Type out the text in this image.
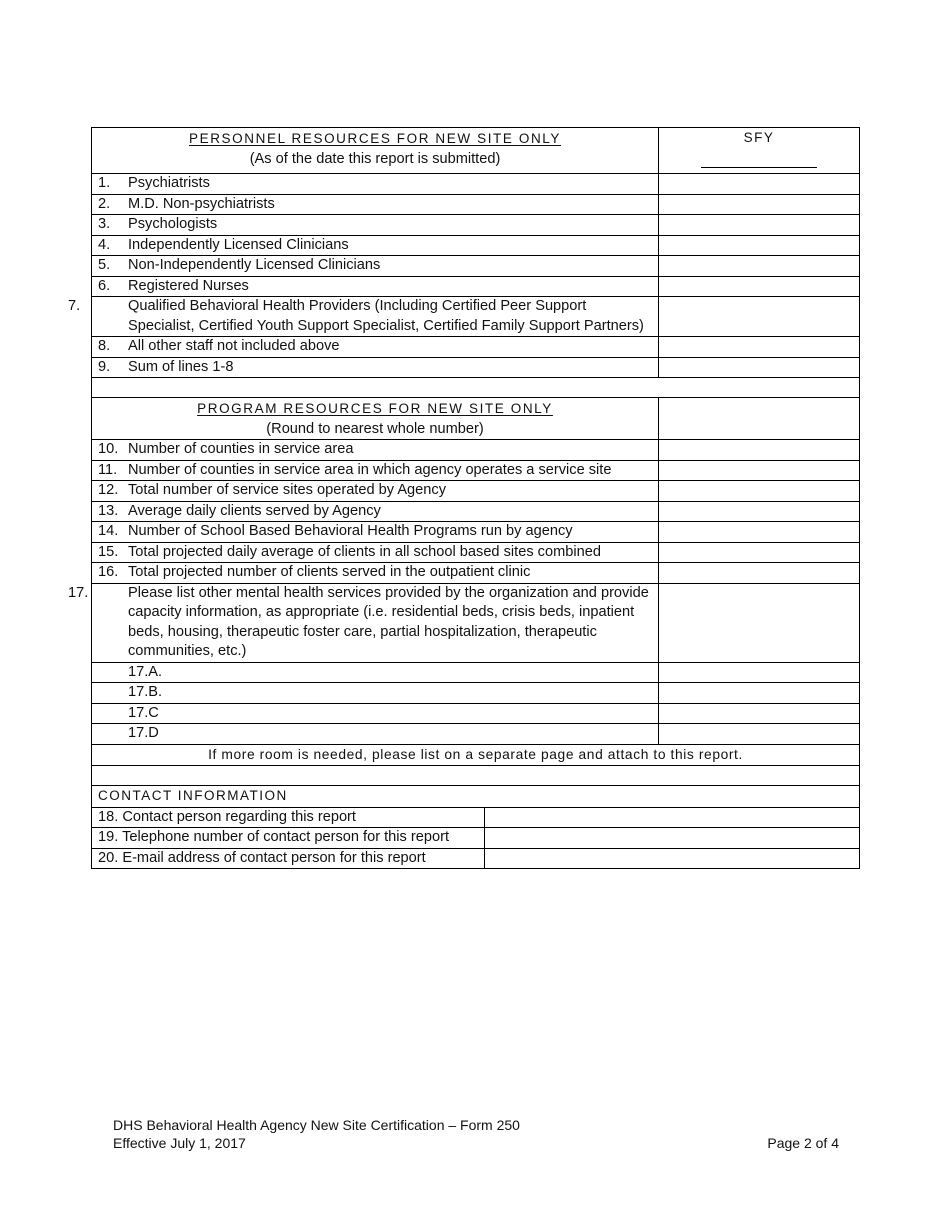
PERSONNEL RESOURCES FOR NEW SITE ONLY
(As of the date this report is submitted)		SFY

1. Psychiatrists		
2. M.D. Non-psychiatrists		
3. Psychologists		
4. Independently Licensed Clinicians		
5. Non-Independently Licensed Clinicians		
6. Registered Nurses		

7. Qualified Behavioral Health Providers (Including Certified Peer Support Specialist, Certified Youth Support Specialist, Certified Family Support Partners)		

8. All other staff not included above		
9. Sum of lines 1-8		

PROGRAM RESOURCES FOR NEW SITE ONLY
(Round to nearest whole number)		
10. Number of counties in service area		
11. Number of counties in service area in which agency operates a service site		
12. Total number of service sites operated by Agency		
13. Average daily clients served by Agency		
14. Number of School Based Behavioral Health Programs run by agency		
15. Total projected daily average of clients in all school based sites combined		
16. Total projected number of clients served in the outpatient clinic		

17. Please list other mental health services provided by the organization and provide capacity information, as appropriate (i.e. residential beds, crisis beds, inpatient beds, housing, therapeutic foster care, partial hospitalization, therapeutic communities, etc.)		

17.A.		
17.B.		
17.C		
17.D		
If more room is needed, please list on a separate page and attach to this report.		

CONTACT INFORMATION		
18. Contact person regarding this report		
19. Telephone number of contact person for this report		
20. E-mail address of contact person for this report		
DHS Behavioral Health Agency New Site Certification – Form 250
Effective July 1, 2017	Page 2 of 4
